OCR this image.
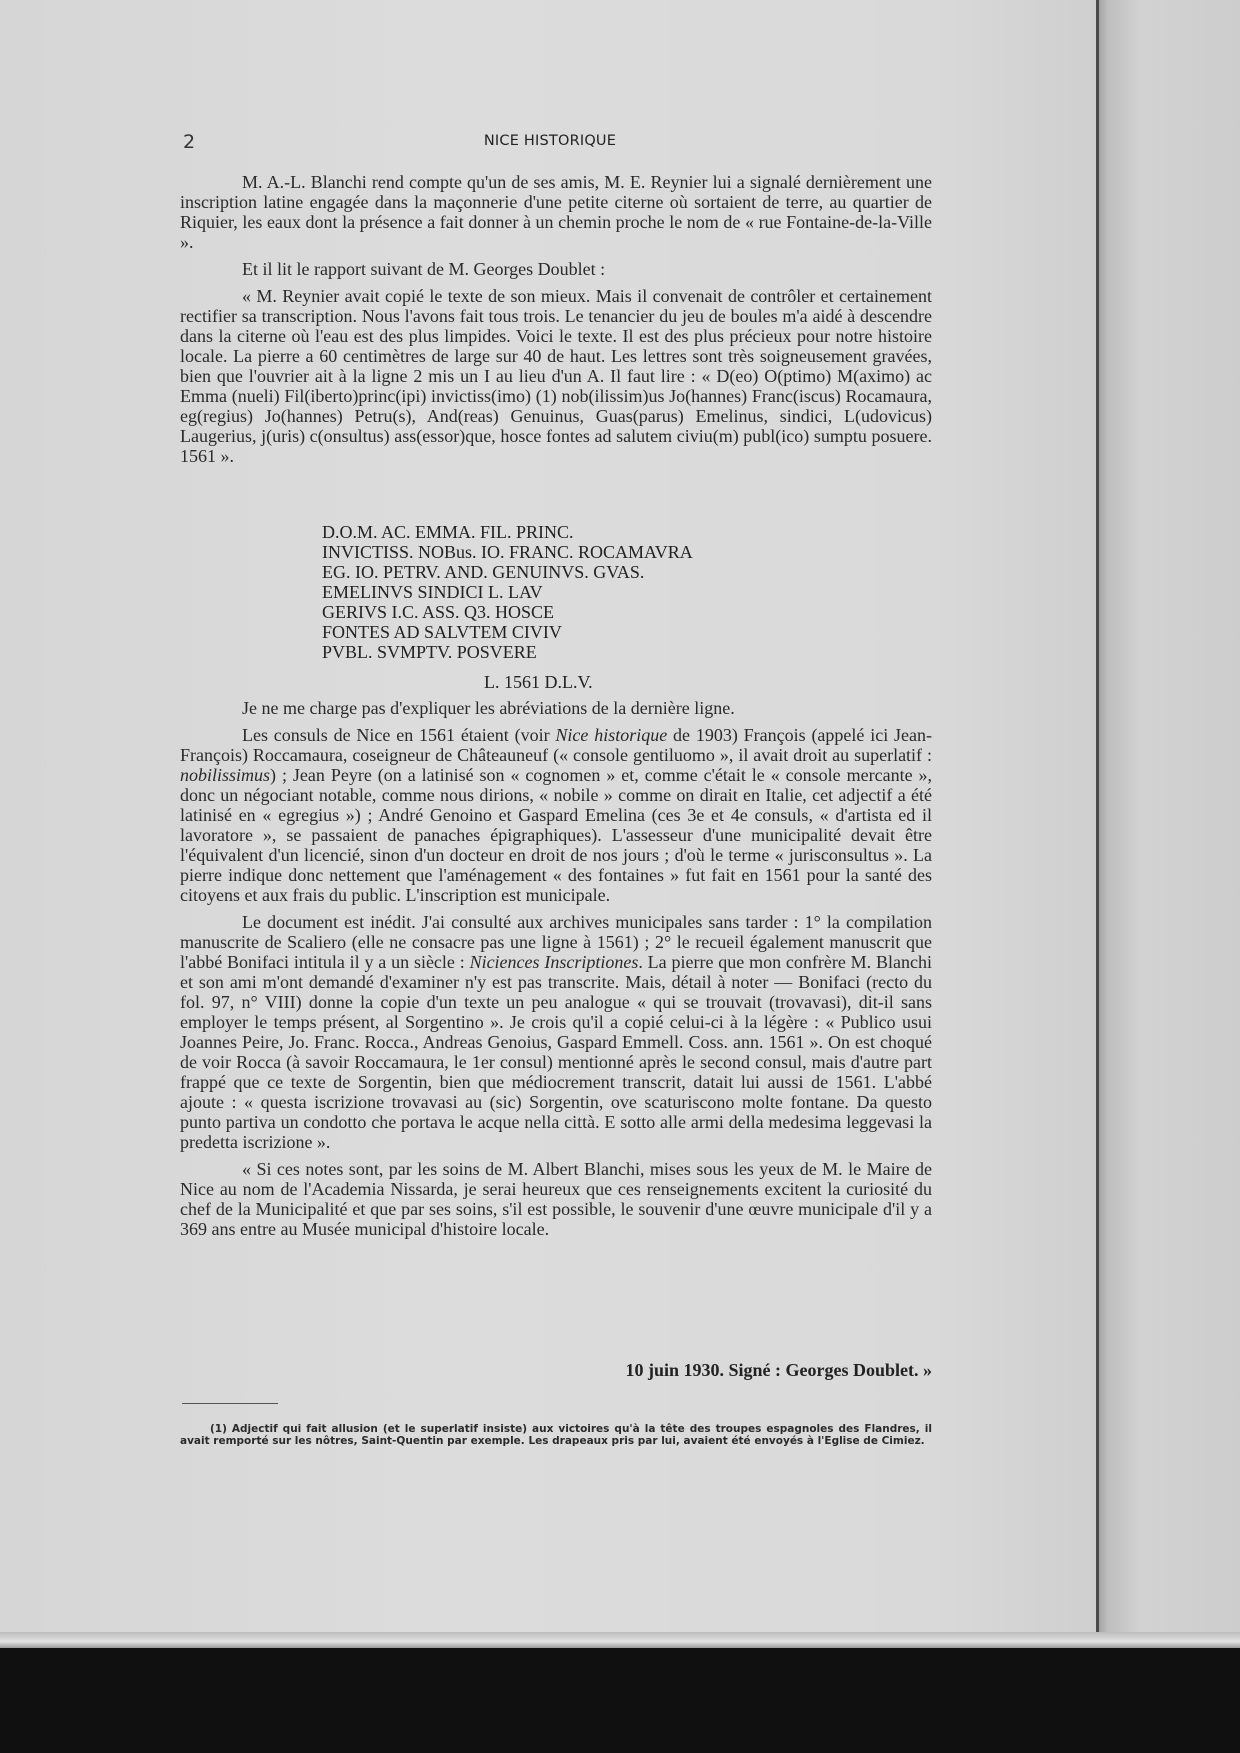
2	NICE HISTORIQUE

M. A.-L. Blanchi rend compte qu'un de ses amis, M. E. Reynier lui a signalé dernièrement une inscription latine engagée dans la maçonnerie d'une petite citerne où sortaient de terre, au quartier de Riquier, les eaux dont la présence a fait donner à un chemin proche le nom de « rue Fontaine-de-la-Ville ».

Et il lit le rapport suivant de M. Georges Doublet :

« M. Reynier avait copié le texte de son mieux. Mais il convenait de contrôler et certainement rectifier sa transcription. Nous l'avons fait tous trois. Le tenancier du jeu de boules m'a aidé à descendre dans la citerne où l'eau est des plus limpides. Voici le texte. Il est des plus précieux pour notre histoire locale. La pierre a 60 centimètres de large sur 40 de haut. Les lettres sont très soigneusement gravées, bien que l'ouvrier ait à la ligne 2 mis un I au lieu d'un A. Il faut lire : « D(eo) O(ptimo) M(aximo) ac Emma (nueli) Fil(iberto)princ(ipi) invictiss(imo) (1) nob(ilissim)us Jo(hannes) Franc(iscus) Rocamaura, eg(regius) Jo(hannes) Petru(s), And(reas) Genuinus, Guas(parus) Emelinus, sindici, L(udovicus) Laugerius, j(uris) c(onsultus) ass(essor)que, hosce fontes ad salutem civiu(m) publ(ico) sumptu posuere. 1561 ».

D.O.M. AC. EMMA. FIL. PRINC.
INVICTISS. NOBus. IO. FRANC. ROCAMAVRA
EG. IO. PETRV. AND. GENUINVS. GVAS.
EMELINVS SINDICI L. LAV
GERIVS I.C. ASS. Q3. HOSCE
FONTES AD SALVTEM CIVIV
PVBL. SVMPTV. POSVERE
L. 1561 D.L.V.

Je ne me charge pas d'expliquer les abréviations de la dernière ligne.

Les consuls de Nice en 1561 étaient (voir Nice historique de 1903) François (appelé ici Jean-François) Roccamaura, coseigneur de Châteauneuf (« console gentiluomo », il avait droit au superlatif : nobilissimus) ; Jean Peyre (on a latinisé son « cognomen » et, comme c'était le « console mercante », donc un négociant notable, comme nous dirions, « nobile » comme on dirait en Italie, cet adjectif a été latinisé en « egregius ») ; André Genoino et Gaspard Emelina (ces 3e et 4e consuls, « d'artista ed il lavoratore », se passaient de panaches épigraphiques). L'assesseur d'une municipalité devait être l'équivalent d'un licencié, sinon d'un docteur en droit de nos jours ; d'où le terme « jurisconsultus ». La pierre indique donc nettement que l'aménagement « des fontaines » fut fait en 1561 pour la santé des citoyens et aux frais du public. L'inscription est municipale.

Le document est inédit. J'ai consulté aux archives municipales sans tarder : 1° la compilation manuscrite de Scaliero (elle ne consacre pas une ligne à 1561) ; 2° le recueil également manuscrit que l'abbé Bonifaci intitula il y a un siècle : Niciences Inscriptiones. La pierre que mon confrère M. Blanchi et son ami m'ont demandé d'examiner n'y est pas transcrite. Mais, détail à noter — Bonifaci (recto du fol. 97, n° VIII) donne la copie d'un texte un peu analogue « qui se trouvait (trovavasi), dit-il sans employer le temps présent, al Sorgentino ». Je crois qu'il a copié celui-ci à la légère : « Publico usui Joannes Peire, Jo. Franc. Rocca., Andreas Genoius, Gaspard Emmell. Coss. ann. 1561 ». On est choqué de voir Rocca (à savoir Roccamaura, le 1er consul) mentionné après le second consul, mais d'autre part frappé que ce texte de Sorgentin, bien que médiocrement transcrit, datait lui aussi de 1561. L'abbé ajoute : « questa iscrizione trovavasi au (sic) Sorgentin, ove scaturiscono molte fontane. Da questo punto partiva un condotto che portava le acque nella città. E sotto alle armi della medesima leggevasi la predetta iscrizione ».

« Si ces notes sont, par les soins de M. Albert Blanchi, mises sous les yeux de M. le Maire de Nice au nom de l'Academia Nissarda, je serai heureux que ces renseignements excitent la curiosité du chef de la Municipalité et que par ses soins, s'il est possible, le souvenir d'une œuvre municipale d'il y a 369 ans entre au Musée municipal d'histoire locale.

10 juin 1930. Signé : Georges Doublet. »
(1) Adjectif qui fait allusion (et le superlatif insiste) aux victoires qu'à la tête des troupes espagnoles des Flandres, il avait remporté sur les nôtres, Saint-Quentin par exemple. Les drapeaux pris par lui, avaient été envoyés à l'Eglise de Cimiez.
